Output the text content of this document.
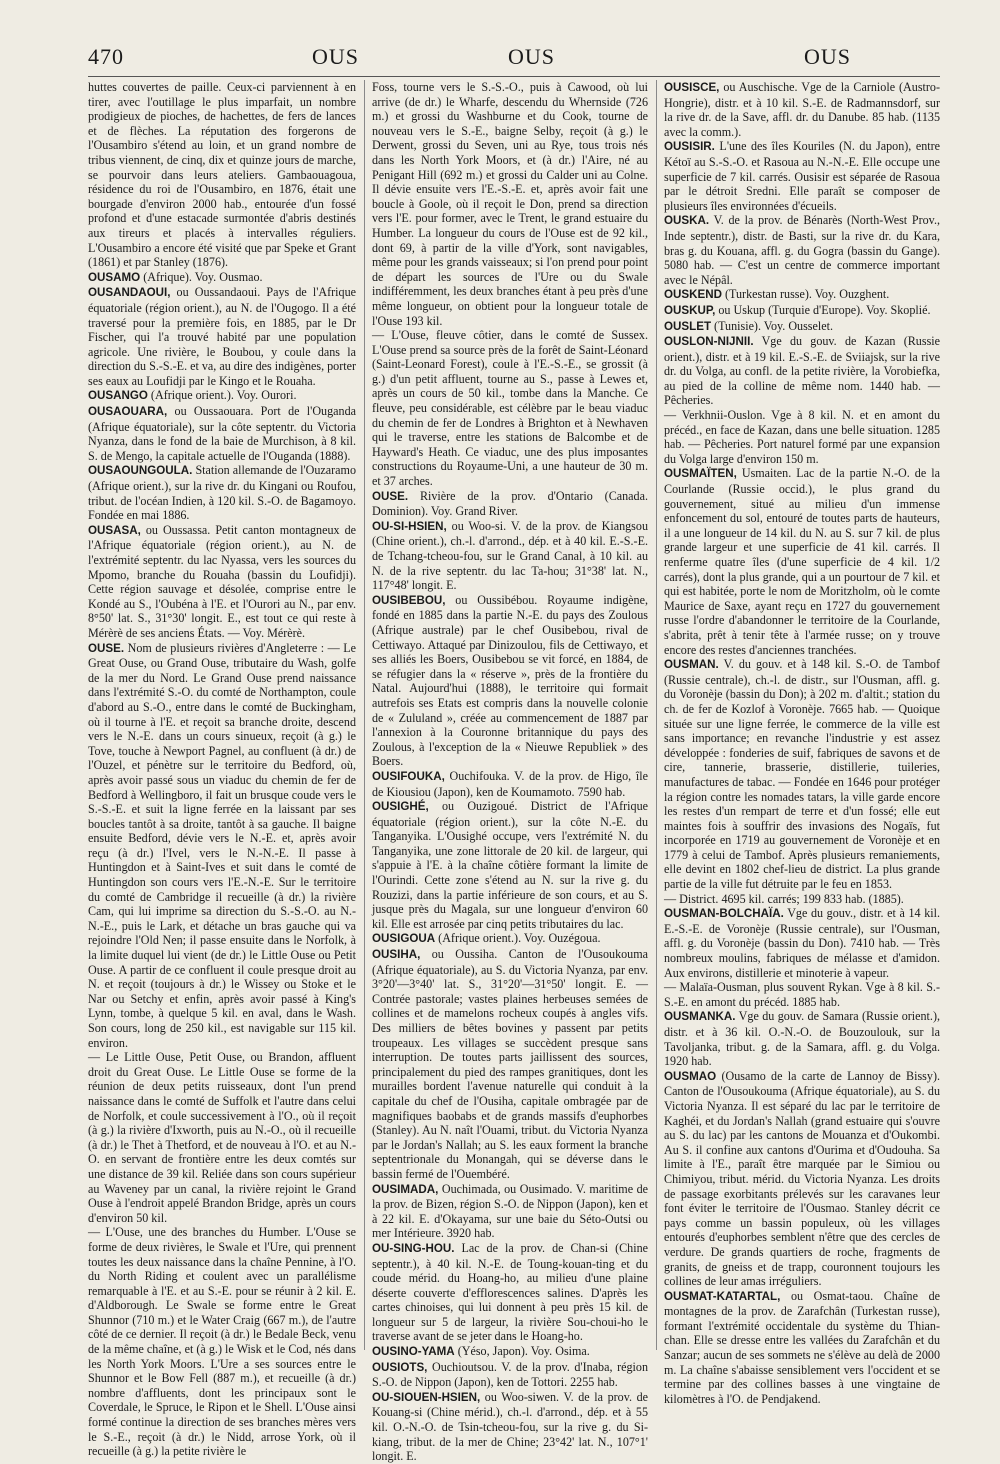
470	OUS	OUS	OUS

huttes couvertes de paille. Ceux-ci parviennent à en tirer, avec l'outillage le plus imparfait, un nombre prodigieux de pioches, de hachettes, de fers de lances et de flèches. La réputation des forgerons de l'Ousambiro s'étend au loin, et un grand nombre de tribus viennent, de cinq, dix et quinze jours de marche, se pourvoir dans leurs ateliers. Gambaouagoua, résidence du roi de l'Ousambiro, en 1876, était une bourgade d'environ 2000 hab., entourée d'un fossé profond et d'une estacade surmontée d'abris destinés aux tireurs et placés à intervalles réguliers. L'Ousambiro a encore été visité que par Speke et Grant (1861) et par Stanley (1876).

OUSAMO (Afrique). Voy. Ousmao.

OUSANDAOUI, ou Oussandaoui. Pays de l'Afrique équatoriale (région orient.), au N. de l'Ougogo. Il a été traversé pour la première fois, en 1885, par le Dr Fischer, qui l'a trouvé habité par une population agricole. Une rivière, le Boubou, y coule dans la direction du S.-S.-E. et va, au dire des indigènes, porter ses eaux au Loufidji par le Kingo et le Rouaha.

OUSANGO (Afrique orient.). Voy. Ourori.

OUSAOUARA, ou Oussaouara. Port de l'Ouganda (Afrique équatoriale), sur la côte septentr. du Victoria Nyanza, dans le fond de la baie de Murchison, à 8 kil. S. de Mengo, la capitale actuelle de l'Ouganda (1888).

OUSAOUNGOULA. Station allemande de l'Ouzaramo (Afrique orient.), sur la rive dr. du Kingani ou Roufou, tribut. de l'océan Indien, à 120 kil. S.-O. de Bagamoyo. Fondée en mai 1886.

OUSASA, ou Oussassa. Petit canton montagneux de l'Afrique équatoriale (région orient.), au N. de l'extrémité septentr. du lac Nyassa, vers les sources du Mpomo, branche du Rouaha (bassin du Loufidji). Cette région sauvage et désolée, comprise entre le Kondé au S., l'Oubéna à l'E. et l'Ourori au N., par env. 8°50' lat. S., 31°30' longit. E., est tout ce qui reste à Mérèrè de ses anciens États. — Voy. Mérèrè.

OUSE. Nom de plusieurs rivières d'Angleterre : — Le Great Ouse, ou Grand Ouse, tributaire du Wash, golfe de la mer du Nord. Le Grand Ouse prend naissance dans l'extrémité S.-O. du comté de Northampton, coule d'abord au S.-O., entre dans le comté de Buckingham, où il tourne à l'E. et reçoit sa branche droite, descend vers le N.-E. dans un cours sinueux, reçoit (à g.) le Tove, touche à Newport Pagnel, au confluent (à dr.) de l'Ouzel, et pénètre sur le territoire du Bedford, où, après avoir passé sous un viaduc du chemin de fer de Bedford à Wellingboro, il fait un brusque coude vers le S.-S.-E. et suit la ligne ferrée en la laissant par ses boucles tantôt à sa droite, tantôt à sa gauche. Il baigne ensuite Bedford, dévie vers le N.-E. et, après avoir reçu (à dr.) l'Ivel, vers le N.-N.-E. Il passe à Huntingdon et à Saint-Ives et suit dans le comté de Huntingdon son cours vers l'E.-N.-E. Sur le territoire du comté de Cambridge il recueille (à dr.) la rivière Cam, qui lui imprime sa direction du S.-S.-O. au N.-N.-E., puis le Lark, et détache un bras gauche qui va rejoindre l'Old Nen; il passe ensuite dans le Norfolk, à la limite duquel lui vient (de dr.) le Little Ouse ou Petit Ouse. A partir de ce confluent il coule presque droit au N. et reçoit (toujours à dr.) le Wissey ou Stoke et le Nar ou Setchy et enfin, après avoir passé à King's Lynn, tombe, à quelque 5 kil. en aval, dans le Wash. Son cours, long de 250 kil., est navigable sur 115 kil. environ.

— Le Little Ouse, Petit Ouse, ou Brandon, affluent droit du Great Ouse. Le Little Ouse se forme de la réunion de deux petits ruisseaux, dont l'un prend naissance dans le comté de Suffolk et l'autre dans celui de Norfolk, et coule successivement à l'O., où il reçoit (à g.) la rivière d'Ixworth, puis au N.-O., où il recueille (à dr.) le Thet à Thetford, et de nouveau à l'O. et au N.-O. en servant de frontière entre les deux comtés sur une distance de 39 kil. Reliée dans son cours supérieur au Waveney par un canal, la rivière rejoint le Grand Ouse à l'endroit appelé Brandon Bridge, après un cours d'environ 50 kil.

— L'Ouse, une des branches du Humber. L'Ouse se forme de deux rivières, le Swale et l'Ure, qui prennent toutes les deux naissance dans la chaîne Pennine, à l'O. du North Riding et coulent avec un parallélisme remarquable à l'E. et au S.-E. pour se réunir à 2 kil. E. d'Aldborough. Le Swale se forme entre le Great Shunnor (710 m.) et le Water Craig (667 m.), de l'autre côté de ce dernier. Il reçoit (à dr.) le Bedale Beck, venu de la même chaîne, et (à g.) le Wisk et le Cod, nés dans les North York Moors. L'Ure a ses sources entre le Shunnor et le Bow Fell (887 m.), et recueille (à dr.) nombre d'affluents, dont les principaux sont le Coverdale, le Spruce, le Ripon et le Shell. L'Ouse ainsi formé continue la direction de ses branches mères vers le S.-E., reçoit (à dr.) le Nidd, arrose York, où il recueille (à g.) la petite rivière le

Foss, tourne vers le S.-S.-O., puis à Cawood, où lui arrive (de dr.) le Wharfe, descendu du Whernside (726 m.) et grossi du Washburne et du Cook, tourne de nouveau vers le S.-E., baigne Selby, reçoit (à g.) le Derwent, grossi du Seven, uni au Rye, tous trois nés dans les North York Moors, et (à dr.) l'Aire, né au Penigant Hill (692 m.) et grossi du Calder uni au Colne. Il dévie ensuite vers l'E.-S.-E. et, après avoir fait une boucle à Goole, où il reçoit le Don, prend sa direction vers l'E. pour former, avec le Trent, le grand estuaire du Humber. La longueur du cours de l'Ouse est de 92 kil., dont 69, à partir de la ville d'York, sont navigables, même pour les grands vaisseaux; si l'on prend pour point de départ les sources de l'Ure ou du Swale indifféremment, les deux branches étant à peu près d'une même longueur, on obtient pour la longueur totale de l'Ouse 193 kil.

— L'Ouse, fleuve côtier, dans le comté de Sussex. L'Ouse prend sa source près de la forêt de Saint-Léonard (Saint-Leonard Forest), coule à l'E.-S.-E., se grossit (à g.) d'un petit affluent, tourne au S., passe à Lewes et, après un cours de 50 kil., tombe dans la Manche. Ce fleuve, peu considérable, est célèbre par le beau viaduc du chemin de fer de Londres à Brighton et à Newhaven qui le traverse, entre les stations de Balcombe et de Hayward's Heath. Ce viaduc, une des plus imposantes constructions du Royaume-Uni, a une hauteur de 30 m. et 37 arches.

OUSE. Rivière de la prov. d'Ontario (Canada. Dominion). Voy. Grand River.

OU-SI-HSIEN, ou Woo-si. V. de la prov. de Kiangsou (Chine orient.), ch.-l. d'arrond., dép. et à 40 kil. E.-S.-E. de Tchang-tcheou-fou, sur le Grand Canal, à 10 kil. au N. de la rive septentr. du lac Ta-hou; 31°38' lat. N., 117°48' longit. E.

OUSIBEBOU, ou Oussibébou. Royaume indigène, fondé en 1885 dans la partie N.-E. du pays des Zoulous (Afrique australe) par le chef Ousibebou, rival de Cettiwayo. Attaqué par Dinizoulou, fils de Cettiwayo, et ses alliés les Boers, Ousibebou se vit forcé, en 1884, de se réfugier dans la « réserve », près de la frontière du Natal. Aujourd'hui (1888), le territoire qui formait autrefois ses Etats est compris dans la nouvelle colonie de « Zululand », créée au commencement de 1887 par l'annexion à la Couronne britannique du pays des Zoulous, à l'exception de la « Nieuwe Republiek » des Boers.

OUSIFOUKA, Ouchifouka. V. de la prov. de Higo, île de Kiousiou (Japon), ken de Koumamoto. 7590 hab.

OUSIGHÉ, ou Ouzigoué. District de l'Afrique équatoriale (région orient.), sur la côte N.-E. du Tanganyika. L'Ousighé occupe, vers l'extrémité N. du Tanganyika, une zone littorale de 20 kil. de largeur, qui s'appuie à l'E. à la chaîne côtière formant la limite de l'Ourindi. Cette zone s'étend au N. sur la rive g. du Rouzizi, dans la partie inférieure de son cours, et au S. jusque près du Magala, sur une longueur d'environ 60 kil. Elle est arrosée par cinq petits tributaires du lac.

OUSIGOUA (Afrique orient.). Voy. Ouzégoua.

OUSIHA, ou Oussiha. Canton de l'Ousoukouma (Afrique équatoriale), au S. du Victoria Nyanza, par env. 3°20'—3°40' lat. S., 31°20'—31°50' longit. E. — Contrée pastorale; vastes plaines herbeuses semées de collines et de mamelons rocheux coupés à angles vifs. Des milliers de bêtes bovines y passent par petits troupeaux. Les villages se succèdent presque sans interruption. De toutes parts jaillissent des sources, principalement du pied des rampes granitiques, dont les murailles bordent l'avenue naturelle qui conduit à la capitale du chef de l'Ousiha, capitale ombragée par de magnifiques baobabs et de grands massifs d'euphorbes (Stanley). Au N. naît l'Ouami, tribut. du Victoria Nyanza par le Jordan's Nallah; au S. les eaux forment la branche septentrionale du Monangah, qui se déverse dans le bassin fermé de l'Ouembéré.

OUSIMADA, Ouchimada, ou Ousimado. V. maritime de la prov. de Bizen, région S.-O. de Nippon (Japon), ken et à 22 kil. E. d'Okayama, sur une baie du Séto-Outsi ou mer Intérieure. 3920 hab.

OU-SING-HOU. Lac de la prov. de Chan-si (Chine septentr.), à 40 kil. N.-E. de Toung-kouan-ting et du coude mérid. du Hoang-ho, au milieu d'une plaine déserte couverte d'efflorescences salines. D'après les cartes chinoises, qui lui donnent à peu près 15 kil. de longueur sur 5 de largeur, la rivière Sou-choui-ho le traverse avant de se jeter dans le Hoang-ho.

OUSINO-YAMA (Yéso, Japon). Voy. Osima.

OUSIOTS, Ouchioutsou. V. de la prov. d'Inaba, région S.-O. de Nippon (Japon), ken de Tottori. 2255 hab.

OU-SIOUEN-HSIEN, ou Woo-siwen. V. de la prov. de Kouang-si (Chine mérid.), ch.-l. d'arrond., dép. et à 55 kil. O.-N.-O. de Tsin-tcheou-fou, sur la rive g. du Si-kiang, tribut. de la mer de Chine; 23°42' lat. N., 107°1' longit. E.

OUSISCE, ou Auschische. Vge de la Carniole (Austro-Hongrie), distr. et à 10 kil. S.-E. de Radmannsdorf, sur la rive dr. de la Save, affl. dr. du Danube. 85 hab. (1135 avec la comm.).

OUSISIR. L'une des îles Kouriles (N. du Japon), entre Kétoï au S.-S.-O. et Rasoua au N.-N.-E. Elle occupe une superficie de 7 kil. carrés. Ousisir est séparée de Rasoua par le détroit Sredni. Elle paraît se composer de plusieurs îles environnées d'écueils.

OUSKA. V. de la prov. de Bénarès (North-West Prov., Inde septentr.), distr. de Basti, sur la rive dr. du Kara, bras g. du Kouana, affl. g. du Gogra (bassin du Gange). 5080 hab. — C'est un centre de commerce important avec le Népâl.

OUSKEND (Turkestan russe). Voy. Ouzghent.

OUSKUP, ou Uskup (Turquie d'Europe). Voy. Skoplié.

OUSLET (Tunisie). Voy. Ousselet.

OUSLON-NIJNII. Vge du gouv. de Kazan (Russie orient.), distr. et à 19 kil. E.-S.-E. de Sviiajsk, sur la rive dr. du Volga, au confl. de la petite rivière, la Vorobiefka, au pied de la colline de même nom. 1440 hab. — Pêcheries.

— Verkhnii-Ouslon. Vge à 8 kil. N. et en amont du précéd., en face de Kazan, dans une belle situation. 1285 hab. — Pêcheries. Port naturel formé par une expansion du Volga large d'environ 150 m.

OUSMAÏTEN, Usmaiten. Lac de la partie N.-O. de la Courlande (Russie occid.), le plus grand du gouvernement, situé au milieu d'un immense enfoncement du sol, entouré de toutes parts de hauteurs, il a une longueur de 14 kil. du N. au S. sur 7 kil. de plus grande largeur et une superficie de 41 kil. carrés. Il renferme quatre îles (d'une superficie de 4 kil. 1/2 carrés), dont la plus grande, qui a un pourtour de 7 kil. et qui est habitée, porte le nom de Moritzholm, où le comte Maurice de Saxe, ayant reçu en 1727 du gouvernement russe l'ordre d'abandonner le territoire de la Courlande, s'abrita, prêt à tenir tête à l'armée russe; on y trouve encore des restes d'anciennes tranchées.

OUSMAN. V. du gouv. et à 148 kil. S.-O. de Tambof (Russie centrale), ch.-l. de distr., sur l'Ousman, affl. g. du Voronèje (bassin du Don); à 202 m. d'altit.; station du ch. de fer de Kozlof à Voronèje. 7665 hab. — Quoique située sur une ligne ferrée, le commerce de la ville est sans importance; en revanche l'industrie y est assez développée : fonderies de suif, fabriques de savons et de cire, tannerie, brasserie, distillerie, tuileries, manufactures de tabac. — Fondée en 1646 pour protéger la région contre les nomades tatars, la ville garde encore les restes d'un rempart de terre et d'un fossé; elle eut maintes fois à souffrir des invasions des Nogaïs, fut incorporée en 1719 au gouvernement de Voronèje et en 1779 à celui de Tambof. Après plusieurs remaniements, elle devint en 1802 chef-lieu de district. La plus grande partie de la ville fut détruite par le feu en 1853.

— District. 4695 kil. carrés; 199 833 hab. (1885).

OUSMAN-BOLCHAÏA. Vge du gouv., distr. et à 14 kil. E.-S.-E. de Voronèje (Russie centrale), sur l'Ousman, affl. g. du Voronèje (bassin du Don). 7410 hab. — Très nombreux moulins, fabriques de mélasse et d'amidon. Aux environs, distillerie et minoterie à vapeur.

— Malaïa-Ousman, plus souvent Rykan. Vge à 8 kil. S.-S.-E. en amont du précéd. 1885 hab.

OUSMANKA. Vge du gouv. de Samara (Russie orient.), distr. et à 36 kil. O.-N.-O. de Bouzoulouk, sur la Tavoljanka, tribut. g. de la Samara, affl. g. du Volga. 1920 hab.

OUSMAO (Ousamo de la carte de Lannoy de Bissy). Canton de l'Ousoukouma (Afrique équatoriale), au S. du Victoria Nyanza. Il est séparé du lac par le territoire de Kaghéi, et du Jordan's Nallah (grand estuaire qui s'ouvre au S. du lac) par les cantons de Mouanza et d'Oukombi. Au S. il confine aux cantons d'Ourima et d'Oudouha. Sa limite à l'E., paraît être marquée par le Simiou ou Chimiyou, tribut. mérid. du Victoria Nyanza. Les droits de passage exorbitants prélevés sur les caravanes leur font éviter le territoire de l'Ousmao. Stanley décrit ce pays comme un bassin populeux, où les villages entourés d'euphorbes semblent n'être que des cercles de verdure. De grands quartiers de roche, fragments de granits, de gneiss et de trapp, couronnent toujours les collines de leur amas irréguliers.

OUSMAT-KATARTAL, ou Osmat-taou. Chaîne de montagnes de la prov. de Zarafchân (Turkestan russe), formant l'extrémité occidentale du système du Thian-chan. Elle se dresse entre les vallées du Zarafchân et du Sanzar; aucun de ses sommets ne s'élève au delà de 2000 m. La chaîne s'abaisse sensiblement vers l'occident et se termine par des collines basses à une vingtaine de kilomètres à l'O. de Pendjakend.
